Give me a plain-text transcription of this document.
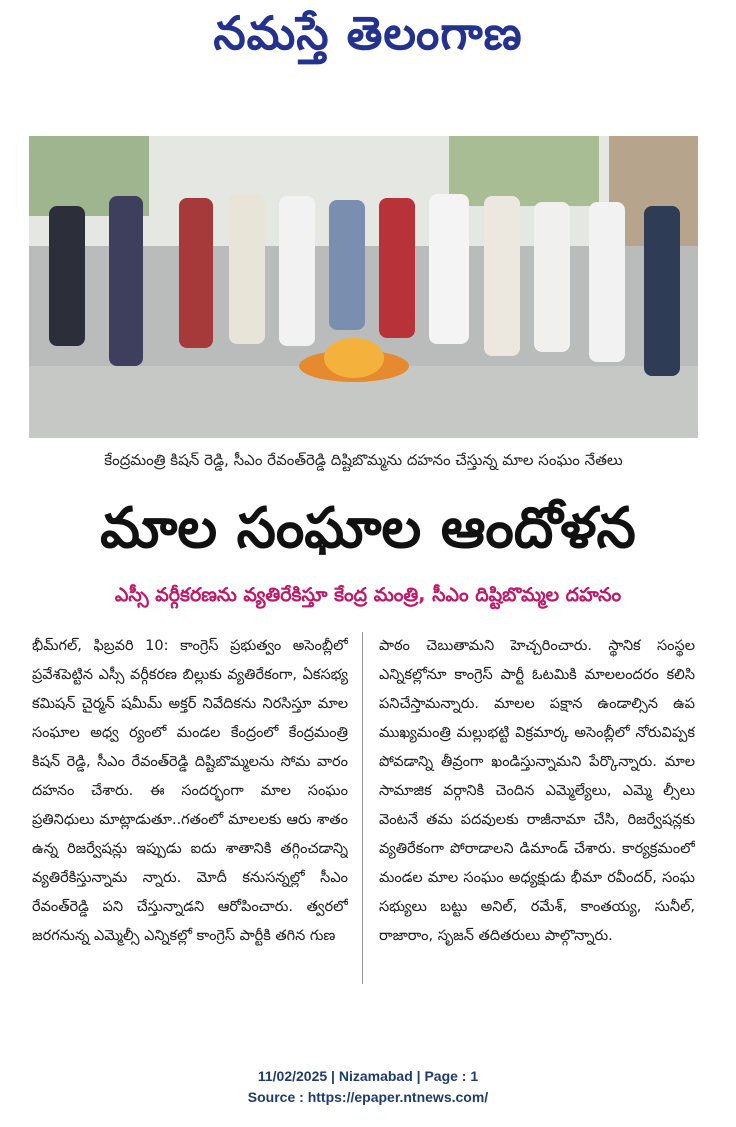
నమస్తే తెలంగాణ
కేంద్రమంత్రి కిషన్ రెడ్డి, సీఎం రేవంత్‌రెడ్డి దిష్టిబొమ్మను దహనం చేస్తున్న మాల సంఘం నేతలు
మాల సంఘాల ఆందోళన
ఎస్సీ వర్గీకరణను వ్యతిరేకిస్తూ కేంద్ర మంత్రి, సీఎం దిష్టిబొమ్మల దహనం
భీమ్‌గల్, ఫిబ్రవరి 10: కాంగ్రెస్ ప్రభుత్వం అసెంబ్లీలో ప్రవేశపెట్టిన ఎస్సీ వర్గీకరణ బిల్లుకు వ్యతిరేకంగా, ఏకసభ్య కమిషన్ చైర్మన్ షమీమ్ అక్తర్ నివేదికను నిరసిస్తూ మాల సంఘాల అధ్వ ర్యంలో మండల కేంద్రంలో కేంద్రమంత్రి కిషన్ రెడ్డి, సీఎం రేవంత్‌రెడ్డి దిష్టిబొమ్మలను సోమ వారం దహనం చేశారు. ఈ సందర్భంగా మాల సంఘం ప్రతినిధులు మాట్లాడుతూ..గతంలో మాలలకు ఆరు శాతం ఉన్న రిజర్వేషన్లు ఇప్పుడు ఐదు శాతానికి తగ్గించడాన్ని వ్యతిరేకిస్తున్నామ న్నారు. మోదీ కనుసన్నల్లో సీఎం రేవంత్‌రెడ్డి పని చేస్తున్నాడని ఆరోపించారు. త్వరలో జరగనున్న ఎమ్మెల్సీ ఎన్నికల్లో కాంగ్రెస్ పార్టీకి తగిన గుణ
పాఠం చెబుతామని హెచ్చరించారు. స్థానిక సంస్థల ఎన్నికల్లోనూ కాంగ్రెస్ పార్టీ ఓటమికి మాలలందరం కలిసి పనిచేస్తామన్నారు. మాలల పక్షాన ఉండాల్సిన ఉప ముఖ్యమంత్రి మల్లుభట్టి విక్రమార్క అసెంబ్లీలో నోరువిప్పక పోవడాన్ని తీవ్రంగా ఖండిస్తున్నామని పేర్కొన్నారు. మాల సామాజిక వర్గానికి చెందిన ఎమ్మెల్యేలు, ఎమ్మె ల్సీలు వెంటనే తమ పదవులకు రాజీనామా చేసి, రిజర్వేషన్లకు వ్యతిరేకంగా పోరాడాలని డిమాండ్ చేశారు. కార్యక్రమంలో మండల మాల సంఘం అధ్యక్షుడు భీమా రవీందర్, సంఘ సభ్యులు బట్టు అనిల్, రమేశ్, కాంతయ్య, సునీల్, రాజారాం, సృజన్ తదితరులు పాల్గొన్నారు.
11/02/2025 | Nizamabad | Page : 1
Source : https://epaper.ntnews.com/
